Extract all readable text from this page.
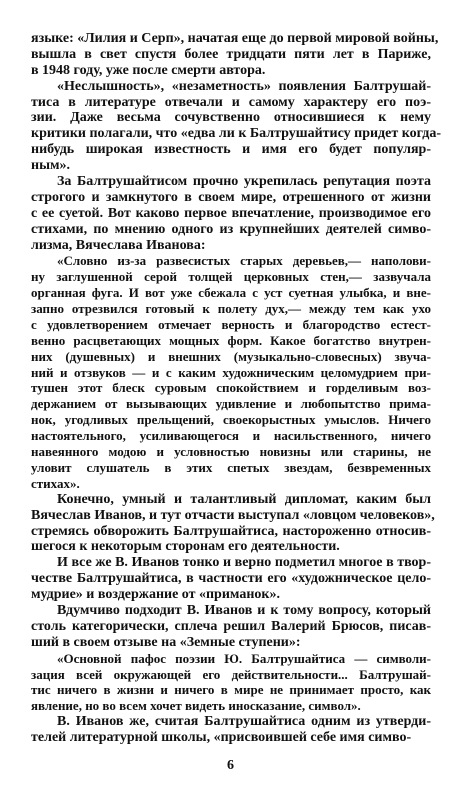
языке: «Лилия и Серп», начатая еще до первой мировой войны,
вышла в свет спустя более тридцати пяти лет в Париже,
в 1948 году, уже после смерти автора.
«Неслышность», «незаметность» появления Балтрушай-
тиса в литературе отвечали и самому характеру его поэ-
зии. Даже весьма сочувственно относившиеся к нему
критики полагали, что «едва ли к Балтрушайтису придет когда-
нибудь широкая известность и имя его будет популяр-
ным».
За Балтрушайтисом прочно укрепилась репутация поэта
строгого и замкнутого в своем мире, отрешенного от жизни
с ее суетой. Вот каково первое впечатление, производимое его
стихами, по мнению одного из крупнейших деятелей симво-
лизма, Вячеслава Иванова:
«Словно из-за развесистых старых деревьев,— наполови-
ну заглушенной серой толщей церковных стен,— зазвучала
органная фуга. И вот уже сбежала с уст суетная улыбка, и вне-
запно отрезвился готовый к полету дух,— между тем как ухо
с удовлетворением отмечает верность и благородство естест-
венно расцветающих мощных форм. Какое богатство внутрен-
них (душевных) и внешних (музыкально-словесных) звуча-
ний и отзвуков — и с каким художническим целомудрием при-
тушен этот блеск суровым спокойствием и горделивым воз-
держанием от вызывающих удивление и любопытство примa-
нок, угодливых прельщений, своекорыстных умыслов. Ничего
настоятельного, усиливающегося и насильственного, ничего
навеянного модою и условностью новизны или старины, не
уловит слушатель в этих спетых звездам, безвременных
стихах».
Конечно, умный и талантливый дипломат, каким был
Вячеслав Иванов, и тут отчасти выступал «ловцом человеков»,
стремясь обворожить Балтрушайтиса, настороженно относив-
шегося к некоторым сторонам его деятельности.
И все же В. Иванов тонко и верно подметил многое в твор-
честве Балтрушайтиса, в частности его «художническое цело-
мудрие» и воздержание от «приманок».
Вдумчиво подходит В. Иванов и к тому вопросу, который
столь категорически, сплеча решил Валерий Брюсов, писав-
ший в своем отзыве на «Земные ступени»:
6
«Основной пафос поэзии Ю. Балтрушайтиса — символи-
зация всей окружающей его действительности... Балтрушай-
тис ничего в жизни и ничего в мире не принимает просто, как
явление, но во всем хочет видеть иносказание, символ».
В. Иванов же, считая Балтрушайтиса одним из утверди-
телей литературной школы, «присвоившей себе имя симво-
